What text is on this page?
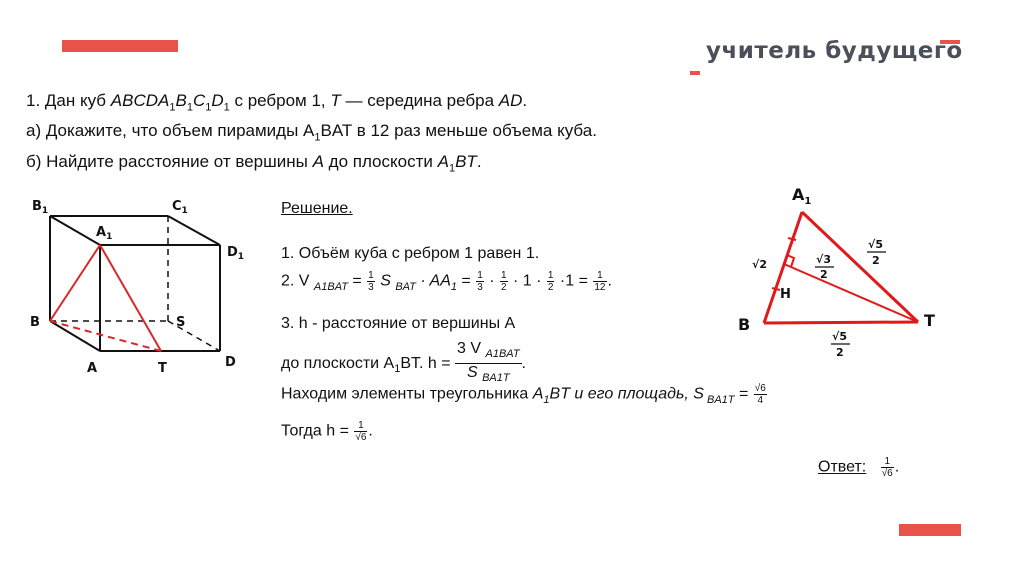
учитель будущего
1. Дан куб $ABCDA_1B_1C_1D_1$ с ребром 1, T — середина ребра AD.
а) Докажите, что объем пирамиды $A_1BAT$ в 12 раз меньше объема куба.
б) Найдите расстояние от вершины A до плоскости $A_1BT$.
$B_1$	$C_1$
$A_1$
$D_1$
B	S
A	T	D
Решение.
1. Объём куба с ребром 1 равен 1.
2. V $_{A1BAT} = \frac{1}{3}$ S $_{BAT} \cdot AA_1 = \frac{1}{3} \cdot \frac{1}{2} \cdot 1 \cdot \frac{1}{2} \cdot 1 = \frac{1}{12}$ .
3. h - расстояние от вершины A
до плоскости $A_1BT$. $h = \frac{3 V _{A1BAT}}{S _{BA1T}}$ .
Находим элементы треугольника $A_1BT$ и его площадь, S $_{BA1T} = \frac{√6}{4}$
Тогда $h = \frac{1}{√6}$ .
Ответ: $\frac{1}{√6}$ .
$A_1$
B	T
H
√2	√3
2
√5
2
√5
2
